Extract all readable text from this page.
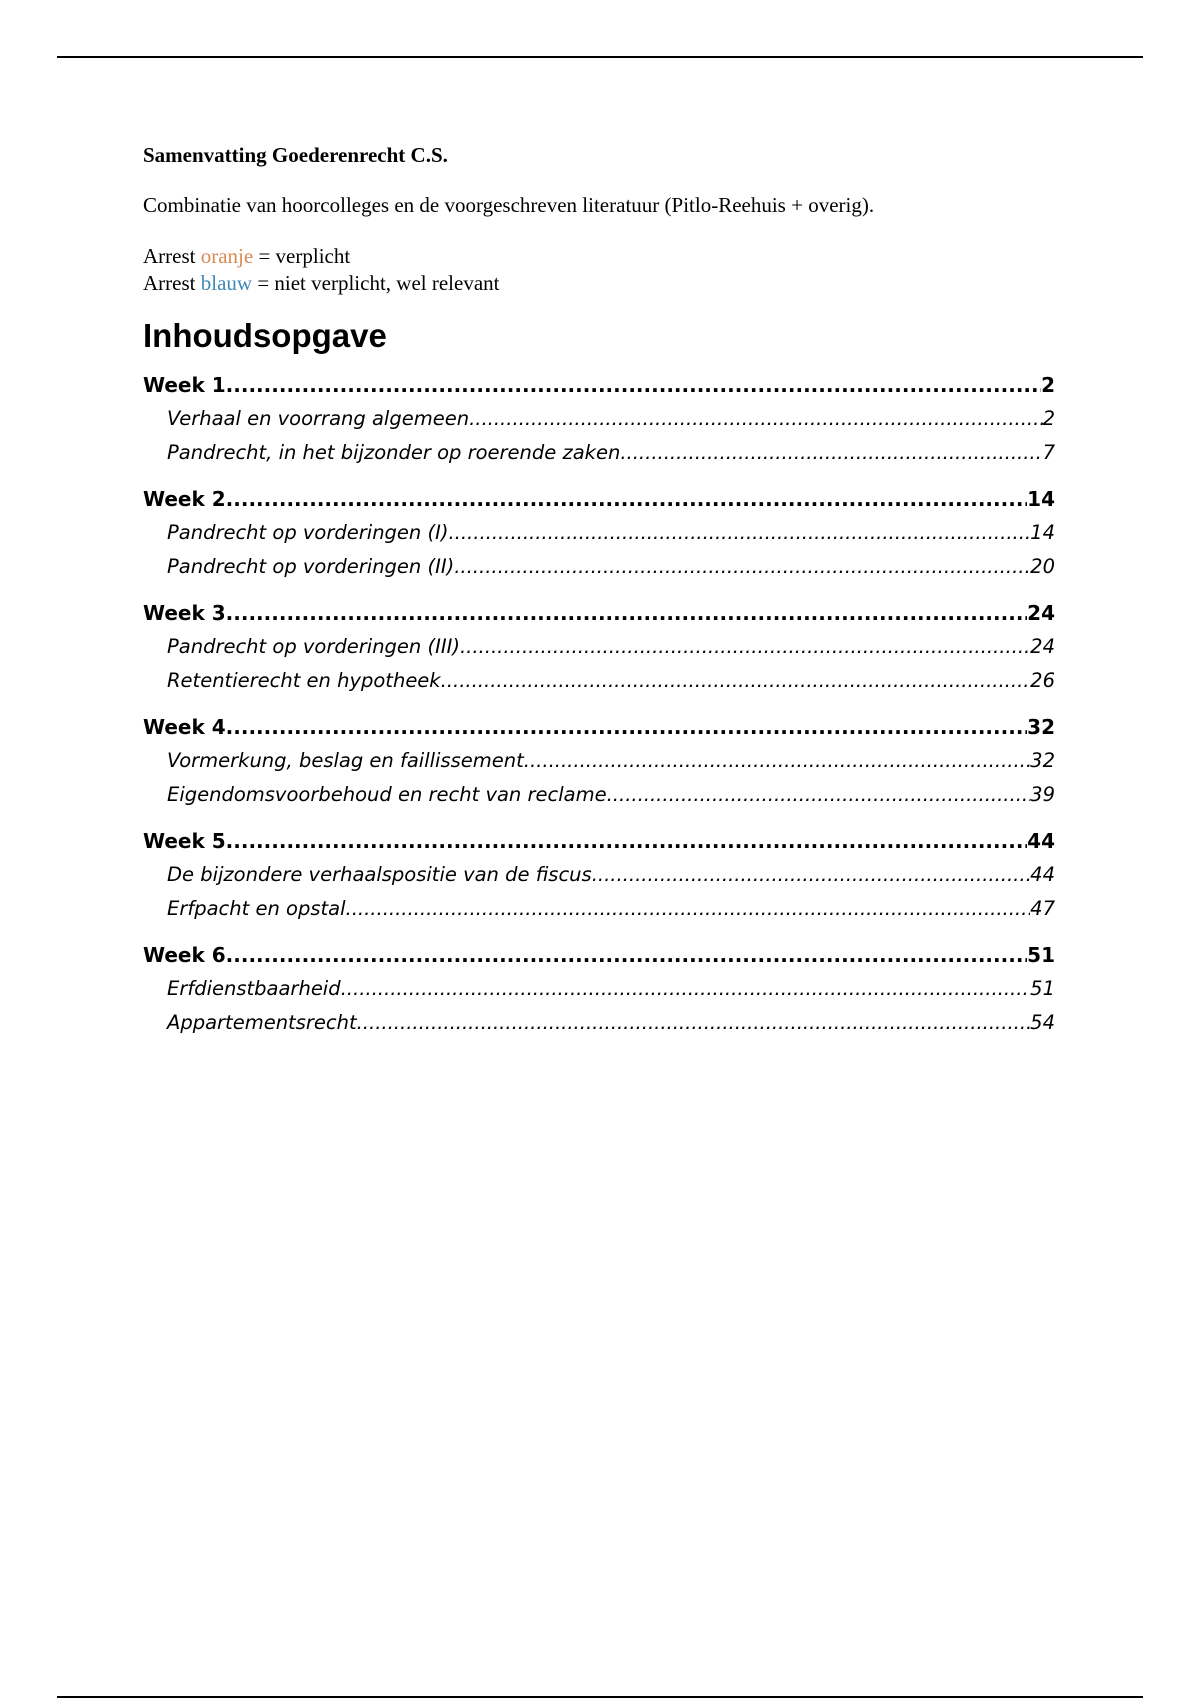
Samenvatting Goederenrecht C.S.

Combinatie van hoorcolleges en de voorgeschreven literatuur (Pitlo-Reehuis + overig).

Arrest oranje = verplicht
Arrest blauw = niet verplicht, wel relevant

Inhoudsopgave
Week 1 .....	2
Verhaal en voorrang algemeen .....	2
Pandrecht, in het bijzonder op roerende zaken .....	7
Week 2 .....	14
Pandrecht op vorderingen (I) .....	14
Pandrecht op vorderingen (II) .....	20
Week 3 .....	24
Pandrecht op vorderingen (III) .....	24
Retentierecht en hypotheek .....	26
Week 4 .....	32
Vormerkung, beslag en faillissement .....	32
Eigendomsvoorbehoud en recht van reclame .....	39
Week 5 .....	44
De bijzondere verhaalspositie van de fiscus .....	44
Erfpacht en opstal .....	47
Week 6 .....	51
Erfdienstbaarheid .....	51
Appartementsrecht .....	54
